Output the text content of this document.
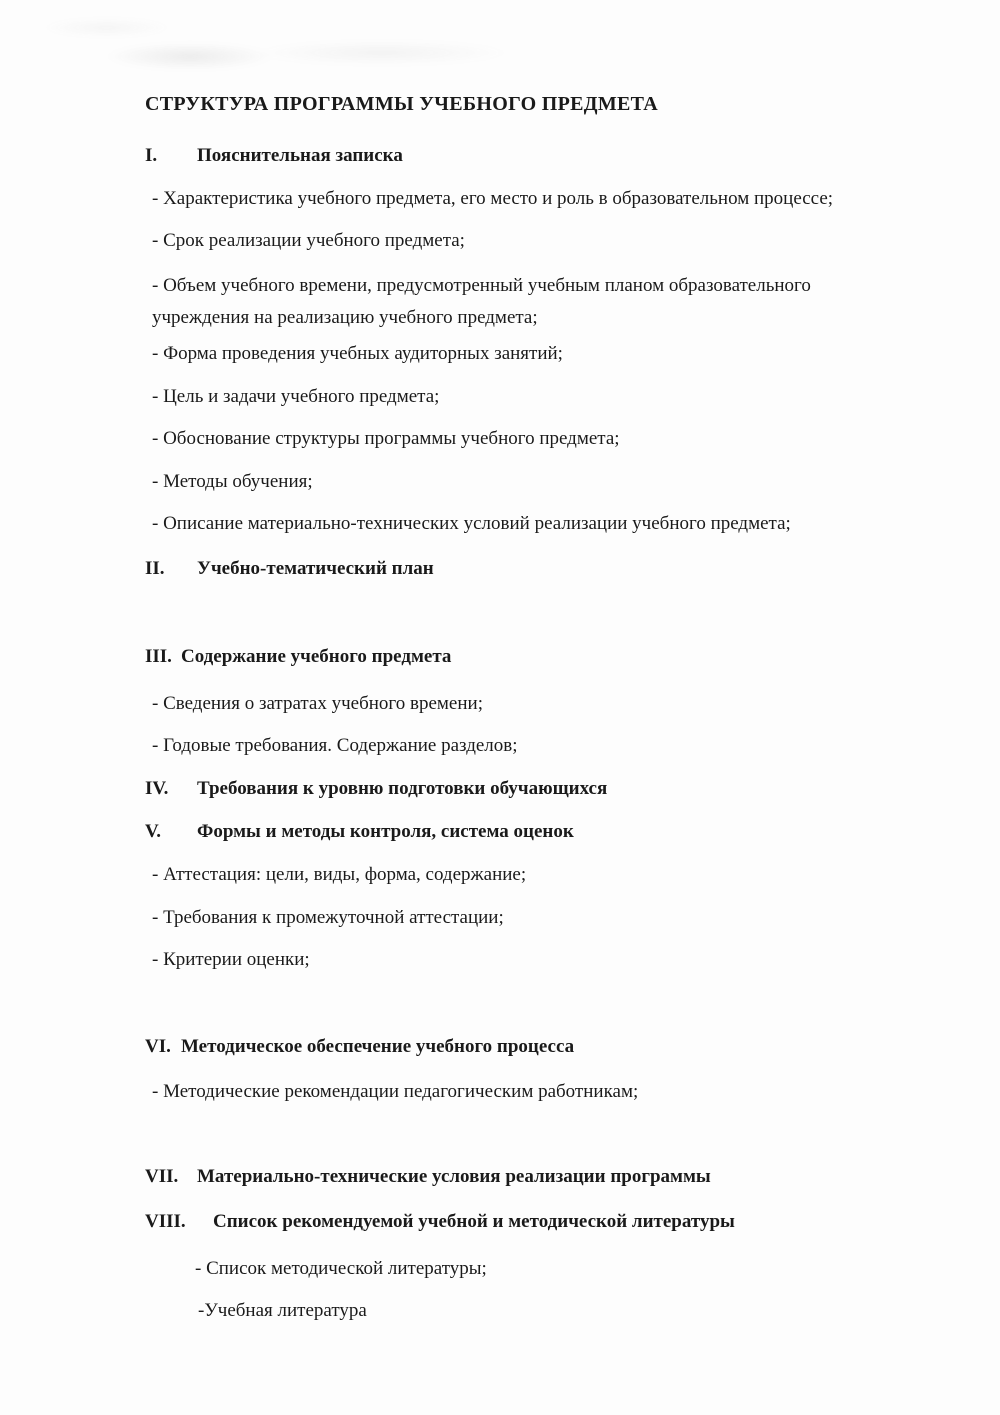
СТРУКТУРА ПРОГРАММЫ УЧЕБНОГО ПРЕДМЕТА
I.	Пояснительная записка
- Характеристика учебного предмета, его место и роль в образовательном процессе;
- Срок реализации учебного предмета;
- Объем учебного времени, предусмотренный учебным планом образовательного учреждения на реализацию учебного предмета;
- Форма проведения учебных аудиторных занятий;
- Цель и задачи учебного предмета;
- Обоснование структуры программы учебного предмета;
- Методы обучения;
- Описание материально-технических условий реализации учебного предмета;
II.	Учебно-тематический план
III. Содержание учебного предмета
- Сведения о затратах учебного времени;
- Годовые требования. Содержание разделов;
IV.	Требования к уровню подготовки обучающихся
V.	Формы и методы контроля, система оценок
- Аттестация: цели, виды, форма, содержание;
- Требования к промежуточной аттестации;
- Критерии оценки;
VI. Методическое обеспечение учебного процесса
- Методические рекомендации педагогическим работникам;
VII. Материально-технические условия реализации программы
VIII.	Список рекомендуемой учебной и методической литературы
- Список методической литературы;
-Учебная литература
